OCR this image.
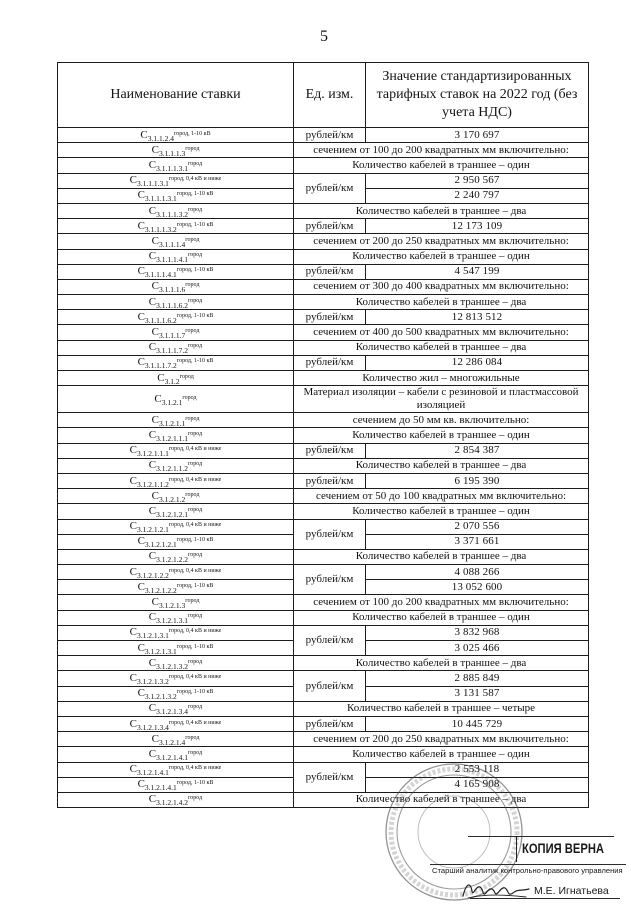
5
Наименование ставки	Ед. изм.	Значение стандартизированных тарифных ставок на 2022 год (без учета НДС)
$C_{3.1.1.2.4}^{город, 1-10 кВ}$	рублей/км	3 170 697
$C_{3.1.1.1.3}^{город}$	сечением от 100 до 200 квадратных мм включительно:	
$C_{3.1.1.1.3.1}^{город}$	Количество кабелей в траншее – один	
$C_{3.1.1.1.3.1}^{город, 0,4 кВ и ниже}$	рублей/км	2 950 567
$C_{3.1.1.1.3.1}^{город, 1-10 кВ}$		2 240 797
$C_{3.1.1.1.3.2}^{город}$	Количество кабелей в траншее – два	
$C_{3.1.1.1.3.2}^{город, 1-10 кВ}$	рублей/км	12 173 109
$C_{3.1.1.1.4}^{город}$	сечением от 200 до 250 квадратных мм включительно:	
$C_{3.1.1.1.4.1}^{город}$	Количество кабелей в траншее – один	
$C_{3.1.1.1.4.1}^{город, 1-10 кВ}$	рублей/км	4 547 199
$C_{3.1.1.1.6}^{город}$	сечением от 300 до 400 квадратных мм включительно:	
$C_{3.1.1.1.6.2}^{город}$	Количество кабелей в траншее – два	
$C_{3.1.1.1.6.2}^{город, 1-10 кВ}$	рублей/км	12 813 512
$C_{3.1.1.1.7}^{город}$	сечением от 400 до 500 квадратных мм включительно:	
$C_{3.1.1.1.7.2}^{город}$	Количество кабелей в траншее – два	
$C_{3.1.1.1.7.2}^{город, 1-10 кВ}$	рублей/км	12 286 084
$C_{3.1.2}^{город}$	Количество жил – многожильные	
$C_{3.1.2.1}^{город}$	Материал изоляции – кабели с резиновой и пластмассовой изоляцией	
$C_{3.1.2.1.1}^{город}$	сечением до 50 мм кв. включительно:	
$C_{3.1.2.1.1.1}^{город}$	Количество кабелей в траншее – один	
$C_{3.1.2.1.1.1}^{город, 0,4 кВ и ниже}$	рублей/км	2 854 387
$C_{3.1.2.1.1.2}^{город}$	Количество кабелей в траншее – два	
$C_{3.1.2.1.1.2}^{город, 0,4 кВ и ниже}$	рублей/км	6 195 390
$C_{3.1.2.1.2}^{город}$	сечением от 50 до 100 квадратных мм включительно:	
$C_{3.1.2.1.2.1}^{город}$	Количество кабелей в траншее – один	
$C_{3.1.2.1.2.1}^{город, 0,4 кВ и ниже}$	рублей/км	2 070 556
$C_{3.1.2.1.2.1}^{город, 1-10 кВ}$		3 371 661
$C_{3.1.2.1.2.2}^{город}$	Количество кабелей в траншее – два	
$C_{3.1.2.1.2.2}^{город, 0,4 кВ и ниже}$	рублей/км	4 088 266
$C_{3.1.2.1.2.2}^{город, 1-10 кВ}$		13 052 600
$C_{3.1.2.1.3}^{город}$	сечением от 100 до 200 квадратных мм включительно:	
$C_{3.1.2.1.3.1}^{город}$	Количество кабелей в траншее – один	
$C_{3.1.2.1.3.1}^{город, 0,4 кВ и ниже}$	рублей/км	3 832 968
$C_{3.1.2.1.3.1}^{город, 1-10 кВ}$		3 025 466
$C_{3.1.2.1.3.2}^{город}$	Количество кабелей в траншее – два	
$C_{3.1.2.1.3.2}^{город, 0,4 кВ и ниже}$	рублей/км	2 885 849
$C_{3.1.2.1.3.2}^{город, 1-10 кВ}$		3 131 587
$C_{3.1.2.1.3.4}^{город}$	Количество кабелей в траншее – четыре	
$C_{3.1.2.1.3.4}^{город, 0,4 кВ и ниже}$	рублей/км	10 445 729
$C_{3.1.2.1.4}^{город}$	сечением от 200 до 250 квадратных мм включительно:	
$C_{3.1.2.1.4.1}^{город}$	Количество кабелей в траншее – один	
$C_{3.1.2.1.4.1}^{город, 0,4 кВ и ниже}$	рублей/км	2 553 118
$C_{3.1.2.1.4.1}^{город, 1-10 кВ}$		4 165 908
$C_{3.1.2.1.4.2}^{город}$	Количество кабелей в траншее – два	
КОПИЯ ВЕРНА
Старший аналитик контрольно-правового управления
М.Е. Игнатьева
